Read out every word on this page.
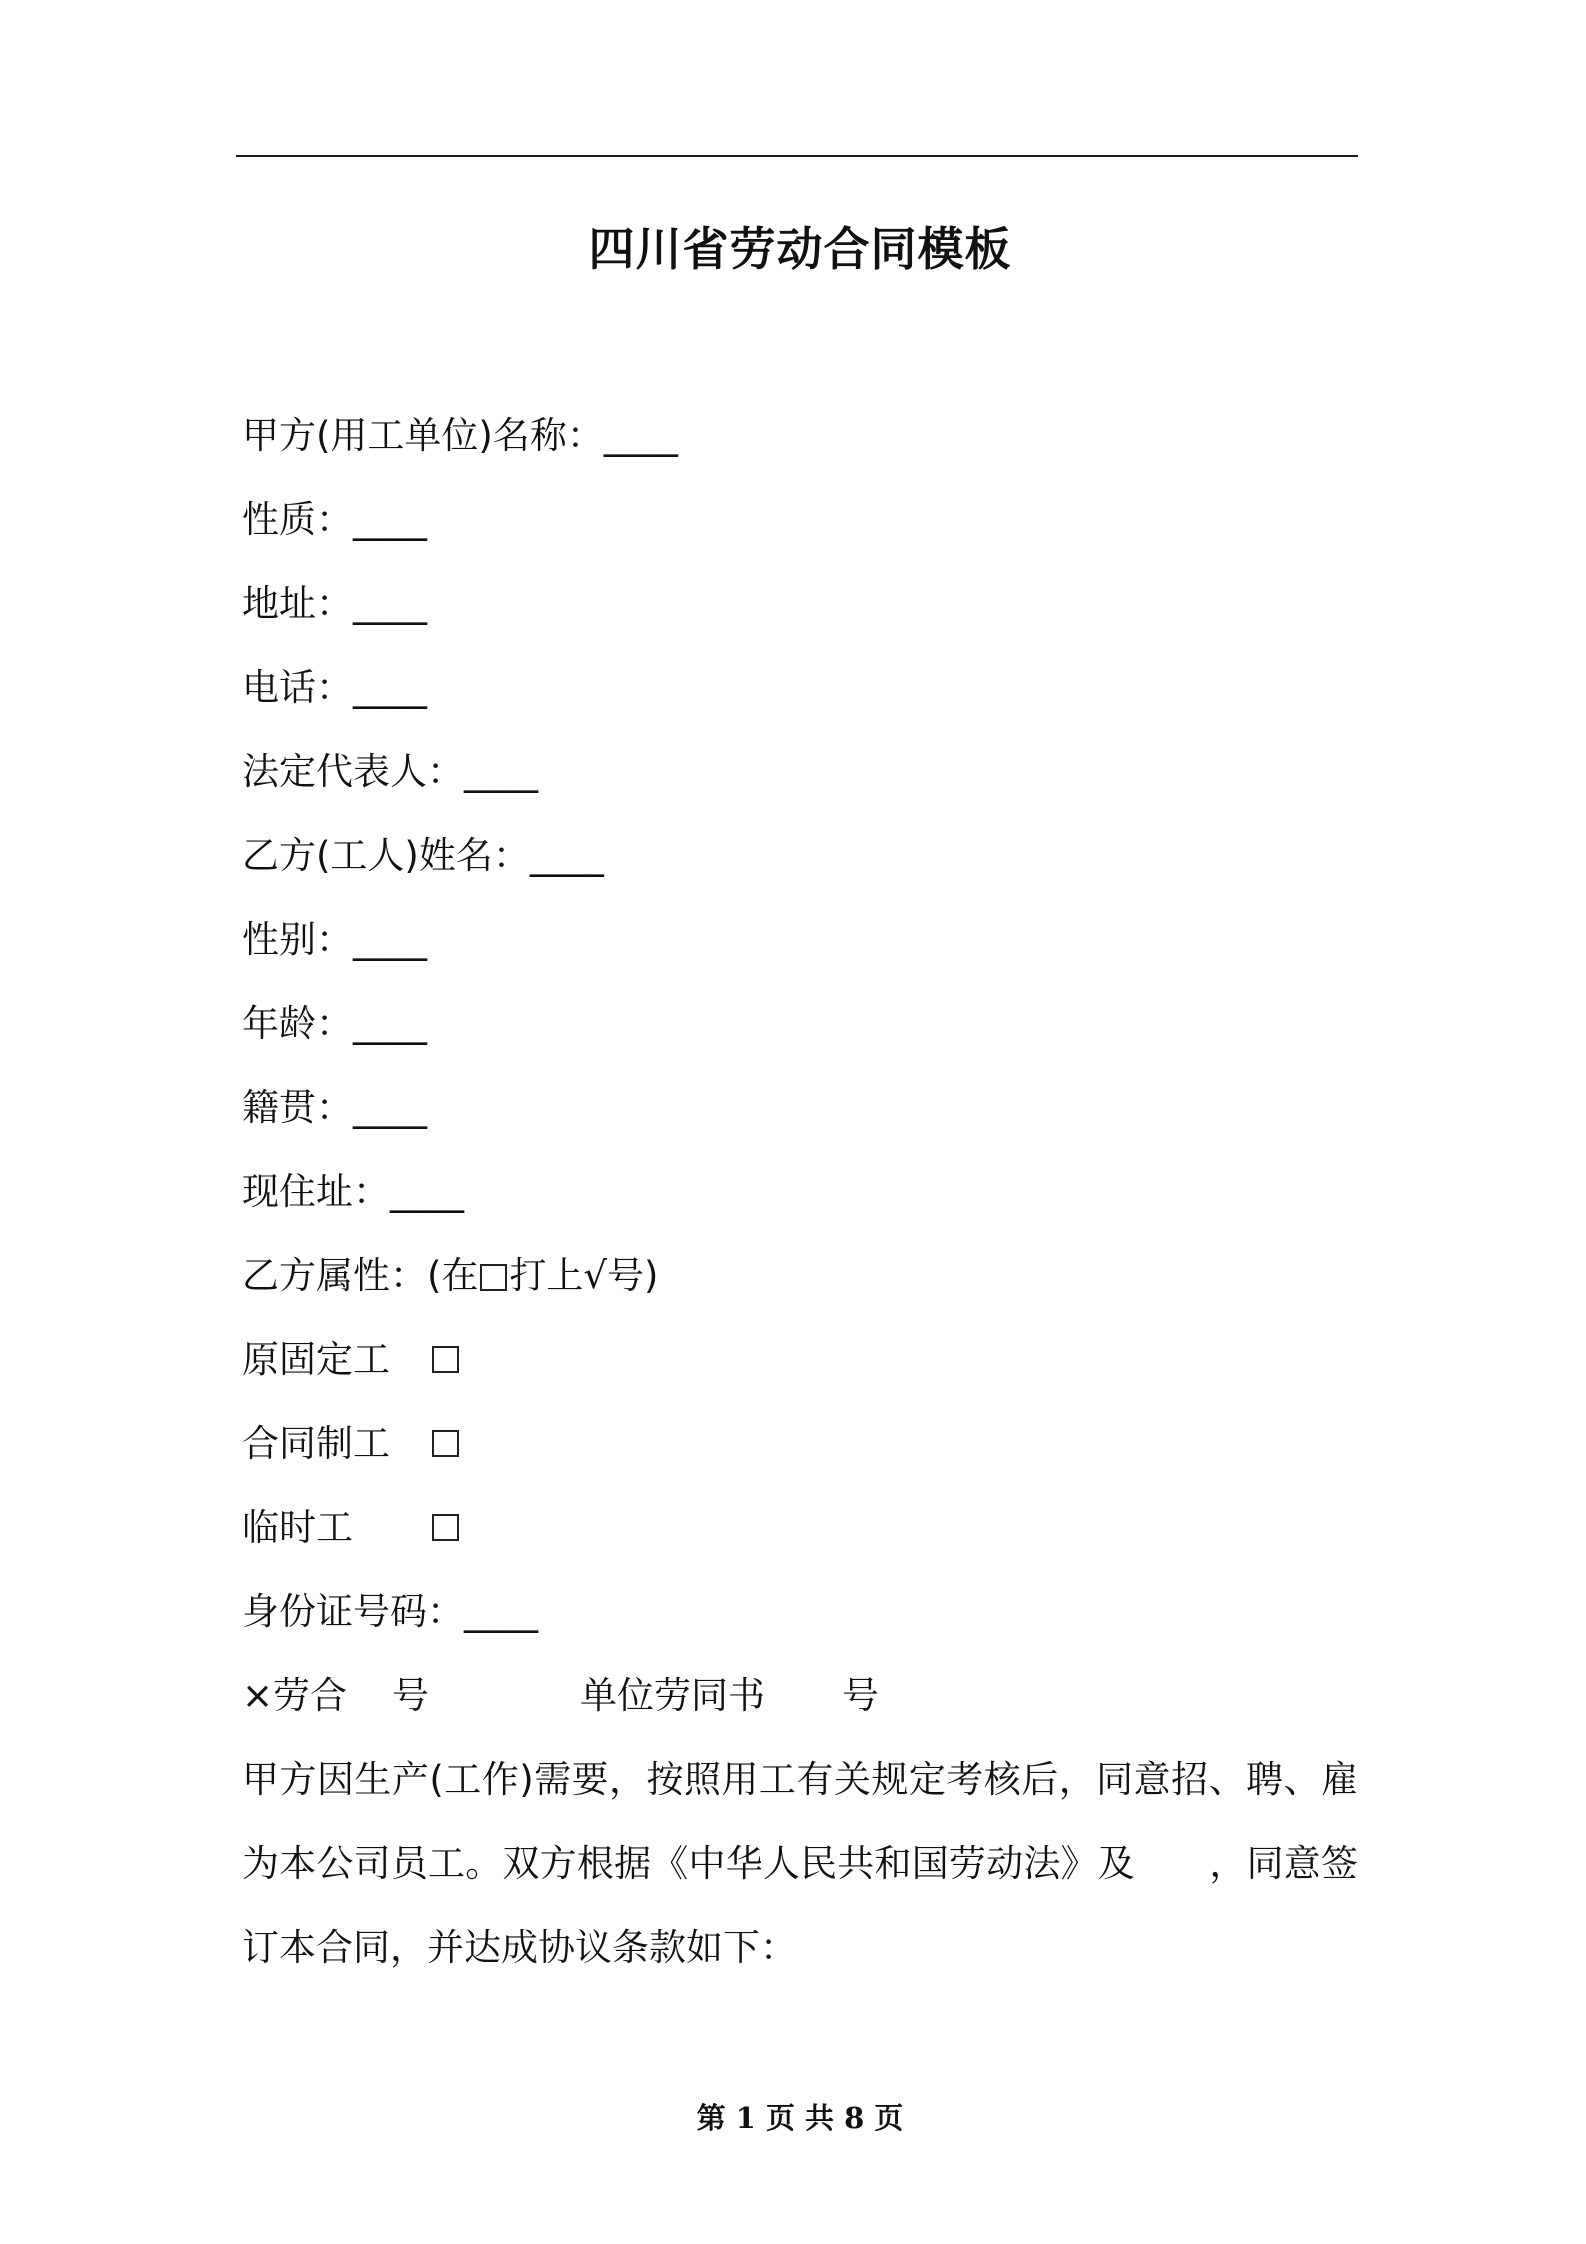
四川省劳动合同模板
甲方(用工单位)名称：____
性质：____
地址：____
电话：____
法定代表人：____
乙方(工人)姓名：____
性别：____
年龄：____
籍贯：____
现住址：____
乙方属性：(在 打上√号)
原固定工
合同制工
临时工
身份证号码：____
×劳合 号	单位劳同书 号
甲方因生产(工作)需要，按照用工有关规定考核后，同意招、聘、雇
为本公司员工。双方根据《中华人民共和国劳动法》及　　，同意签
订本合同，并达成协议条款如下：
第 1 页 共 8 页
